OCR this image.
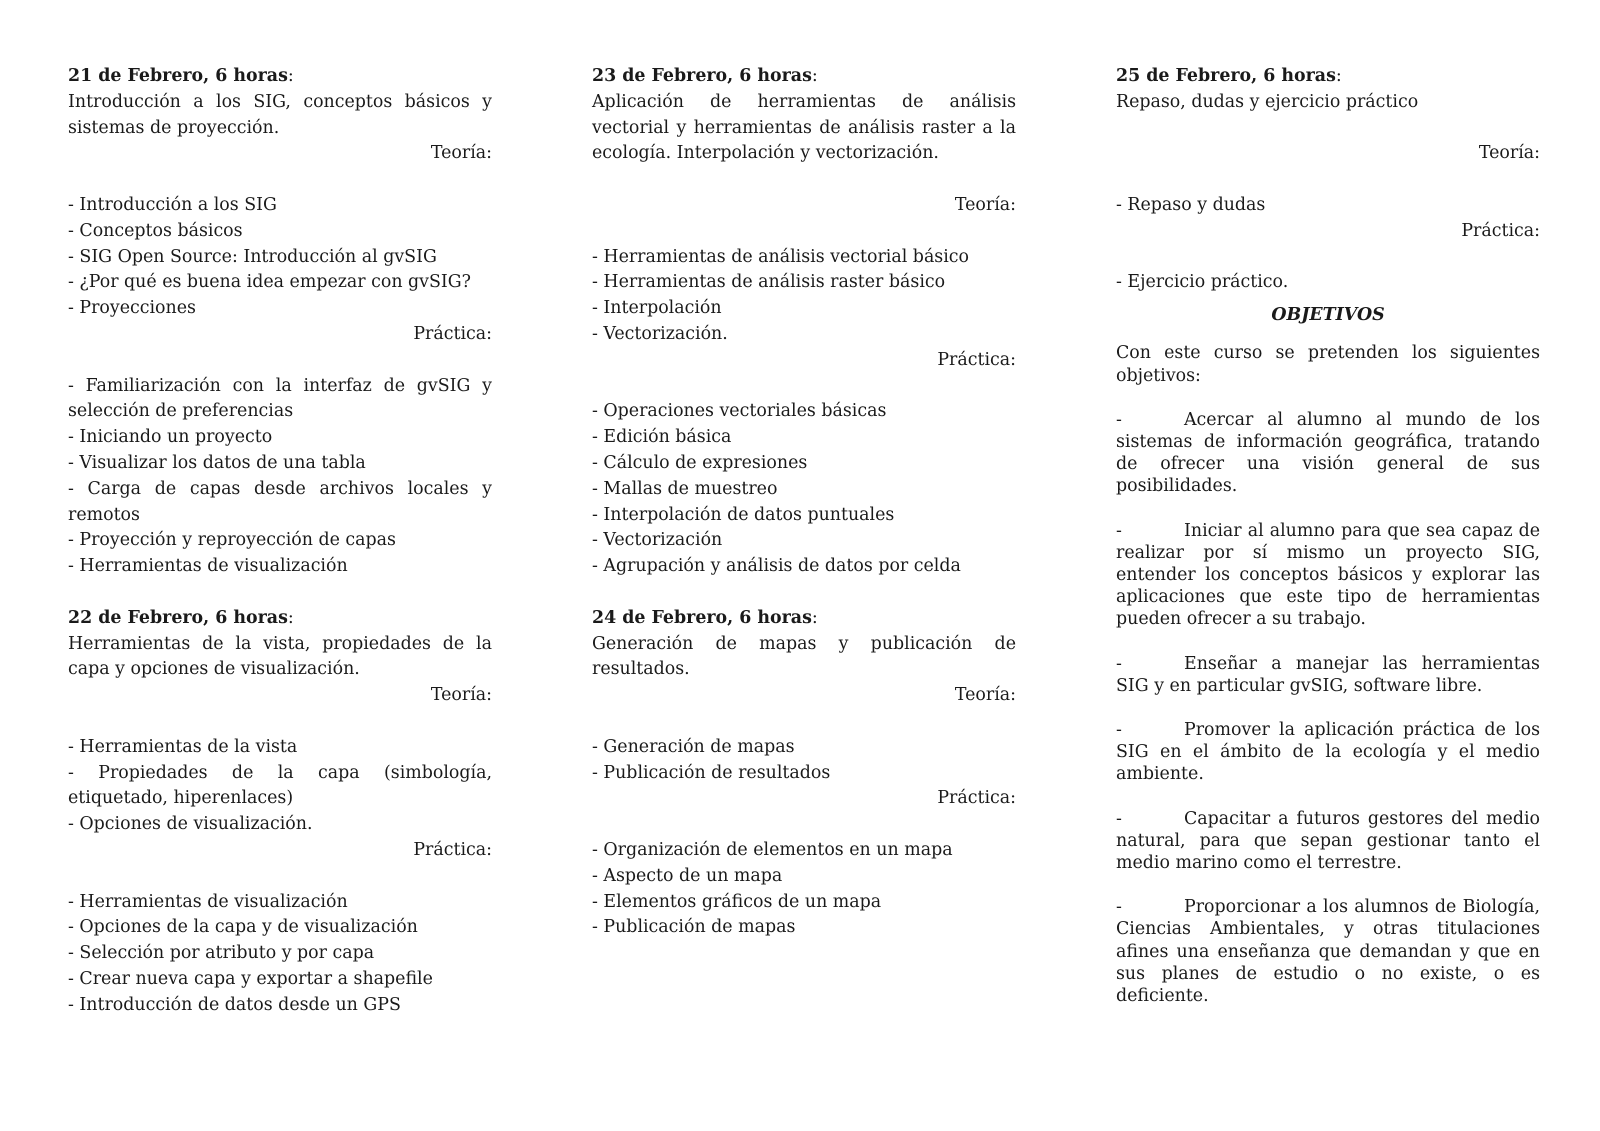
21 de Febrero, 6 horas:
Introducción a los SIG, conceptos básicos y sistemas de proyección.
Teoría:
- Introducción a los SIG
- Conceptos básicos
- SIG Open Source: Introducción al gvSIG
- ¿Por qué es buena idea empezar con gvSIG?
- Proyecciones
Práctica:
- Familiarización con la interfaz de gvSIG y selección de preferencias
- Iniciando un proyecto
- Visualizar los datos de una tabla
- Carga de capas desde archivos locales y remotos
- Proyección y reproyección de capas
- Herramientas de visualización
22 de Febrero, 6 horas:
Herramientas de la vista, propiedades de la capa y opciones de visualización.
Teoría:
- Herramientas de la vista
- Propiedades de la capa (simbología, etiquetado, hiperenlaces)
- Opciones de visualización.
Práctica:
- Herramientas de visualización
- Opciones de la capa y de visualización
- Selección por atributo y por capa
- Crear nueva capa y exportar a shapefile
- Introducción de datos desde un GPS
23 de Febrero, 6 horas:
Aplicación de herramientas de análisis vectorial y herramientas de análisis raster a la ecología. Interpolación y vectorización.
Teoría:
- Herramientas de análisis vectorial básico
- Herramientas de análisis raster básico
- Interpolación
- Vectorización.
Práctica:
- Operaciones vectoriales básicas
- Edición básica
- Cálculo de expresiones
- Mallas de muestreo
- Interpolación de datos puntuales
- Vectorización
- Agrupación y análisis de datos por celda
24 de Febrero, 6 horas:
Generación de mapas y publicación de resultados.
Teoría:
- Generación de mapas
- Publicación de resultados
Práctica:
- Organización de elementos en un mapa
- Aspecto de un mapa
- Elementos gráficos de un mapa
- Publicación de mapas
25 de Febrero, 6 horas:
Repaso, dudas y ejercicio práctico
Teoría:
- Repaso y dudas
Práctica:
- Ejercicio práctico.
OBJETIVOS
Con este curso se pretenden los siguientes objetivos:
-	Acercar al alumno al mundo de los sistemas de información geográfica, tratando de ofrecer una visión general de sus posibilidades.
-	Iniciar al alumno para que sea capaz de realizar por sí mismo un proyecto SIG, entender los conceptos básicos y explorar las aplicaciones que este tipo de herramientas pueden ofrecer a su trabajo.
-	Enseñar a manejar las herramientas SIG y en particular gvSIG, software libre.
-	Promover la aplicación práctica de los SIG en el ámbito de la ecología y el medio ambiente.
-	Capacitar a futuros gestores del medio natural, para que sepan gestionar tanto el medio marino como el terrestre.
-	Proporcionar a los alumnos de Biología, Ciencias Ambientales, y otras titulaciones afines una enseñanza que demandan y que en sus planes de estudio o no existe, o es deficiente.
